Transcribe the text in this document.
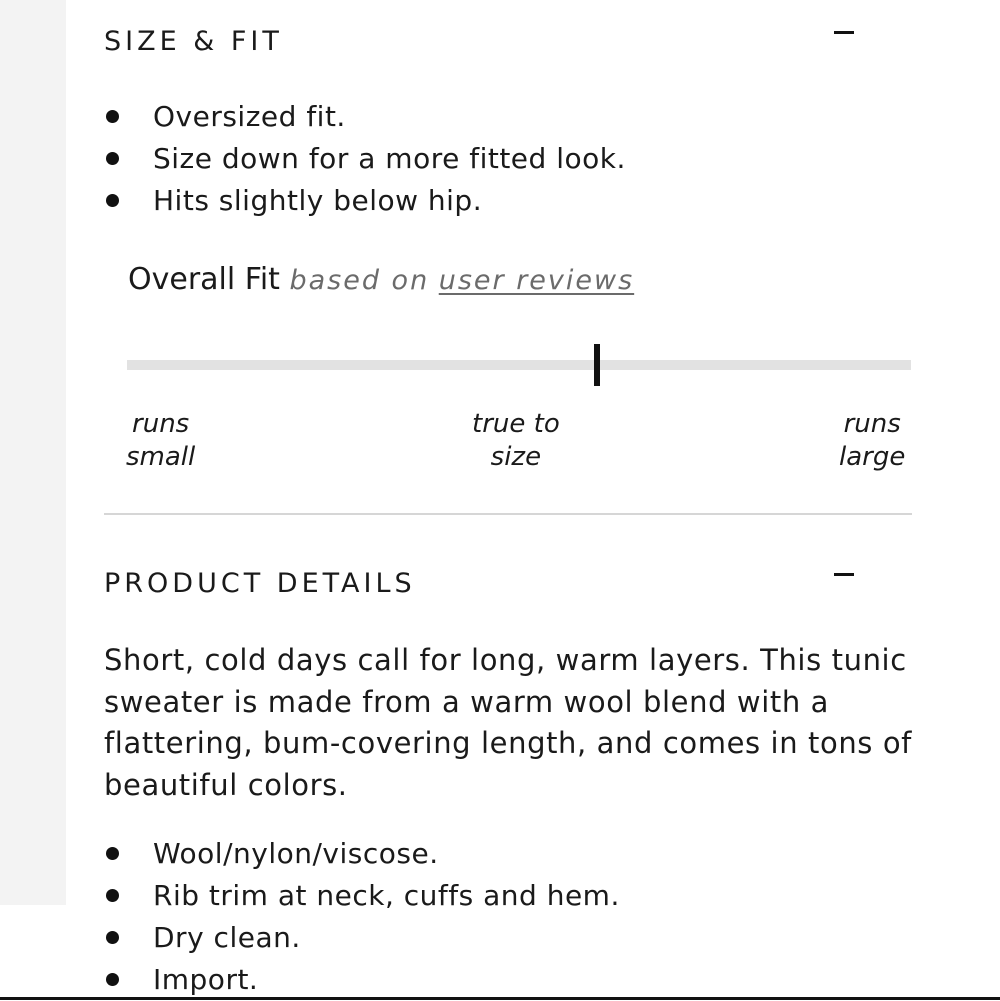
SIZE & FIT
Oversized fit.
Size down for a more fitted look.
Hits slightly below hip.
Overall Fit based on user reviews
runs
small
true to
size
runs
large
PRODUCT DETAILS

Short, cold days call for long, warm layers. This tunic sweater is made from a warm wool blend with a flattering, bum-covering length, and comes in tons of beautiful colors.

Wool/nylon/viscose.
Rib trim at neck, cuffs and hem.
Dry clean.
Import.
